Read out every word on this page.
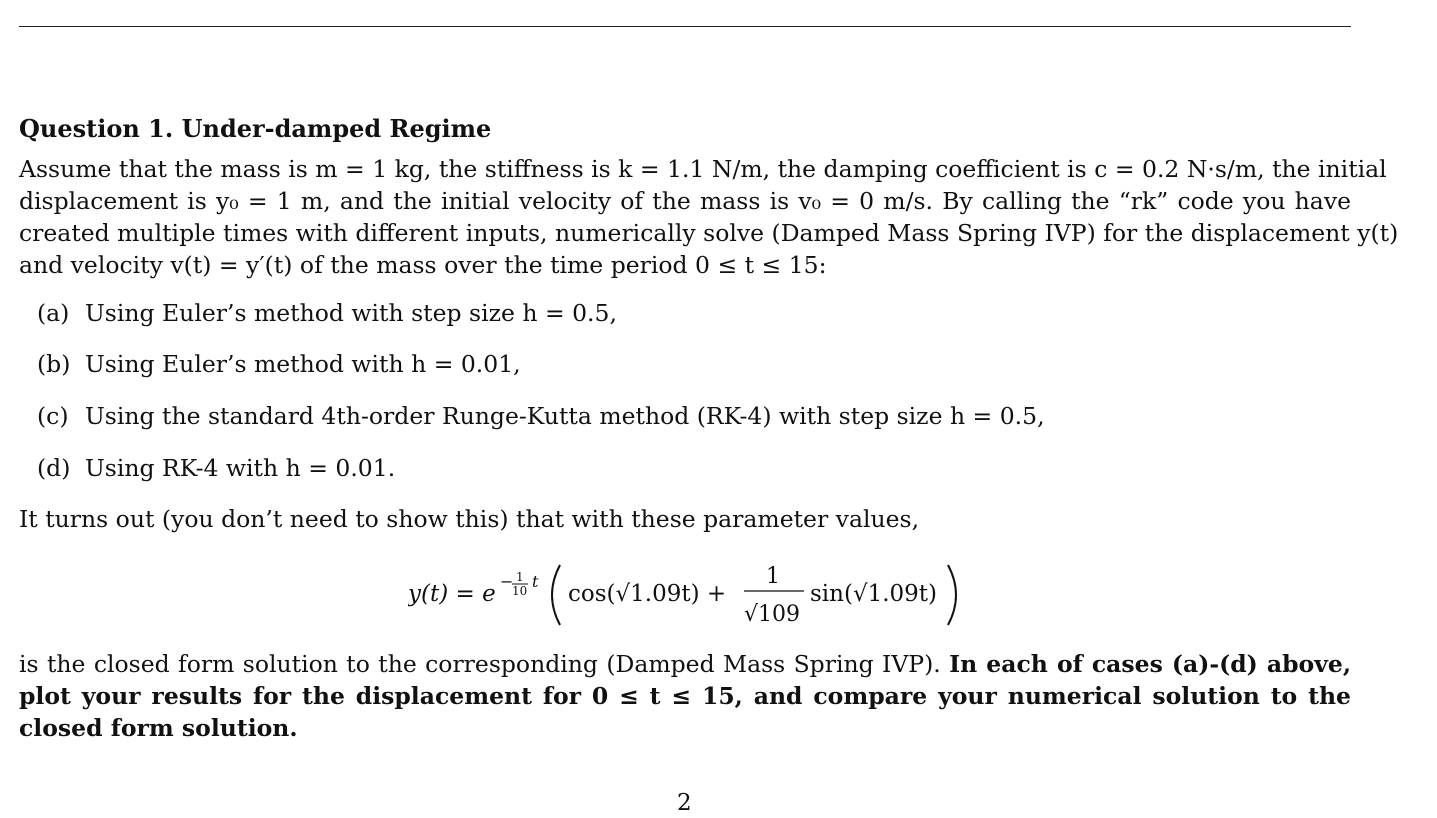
Question 1. Under-damped Regime
Assume that the mass is m = 1 kg, the stiffness is k = 1.1 N/m, the damping coefficient is c = 0.2 N·s/m, the initial
displacement is y₀ = 1 m, and the initial velocity of the mass is v₀ = 0 m/s. By calling the “rk” code you have
created multiple times with different inputs, numerically solve (Damped Mass Spring IVP) for the displacement y(t)
and velocity v(t) = y′(t) of the mass over the time period 0 ≤ t ≤ 15:
(a) Using Euler’s method with step size h = 0.5,
(b) Using Euler’s method with h = 0.01,
(c) Using the standard 4th-order Runge-Kutta method (RK-4) with step size h = 0.5,
(d) Using RK-4 with h = 0.01.
It turns out (you don’t need to show this) that with these parameter values,
y(t) = e − 1
10 t cos(√1.09t) +
1
√109
sin(√1.09t)
is the closed form solution to the corresponding (Damped Mass Spring IVP). In each of cases (a)-(d) above,
plot your results for the displacement for 0 ≤ t ≤ 15, and compare your numerical solution to the
closed form solution.
2
